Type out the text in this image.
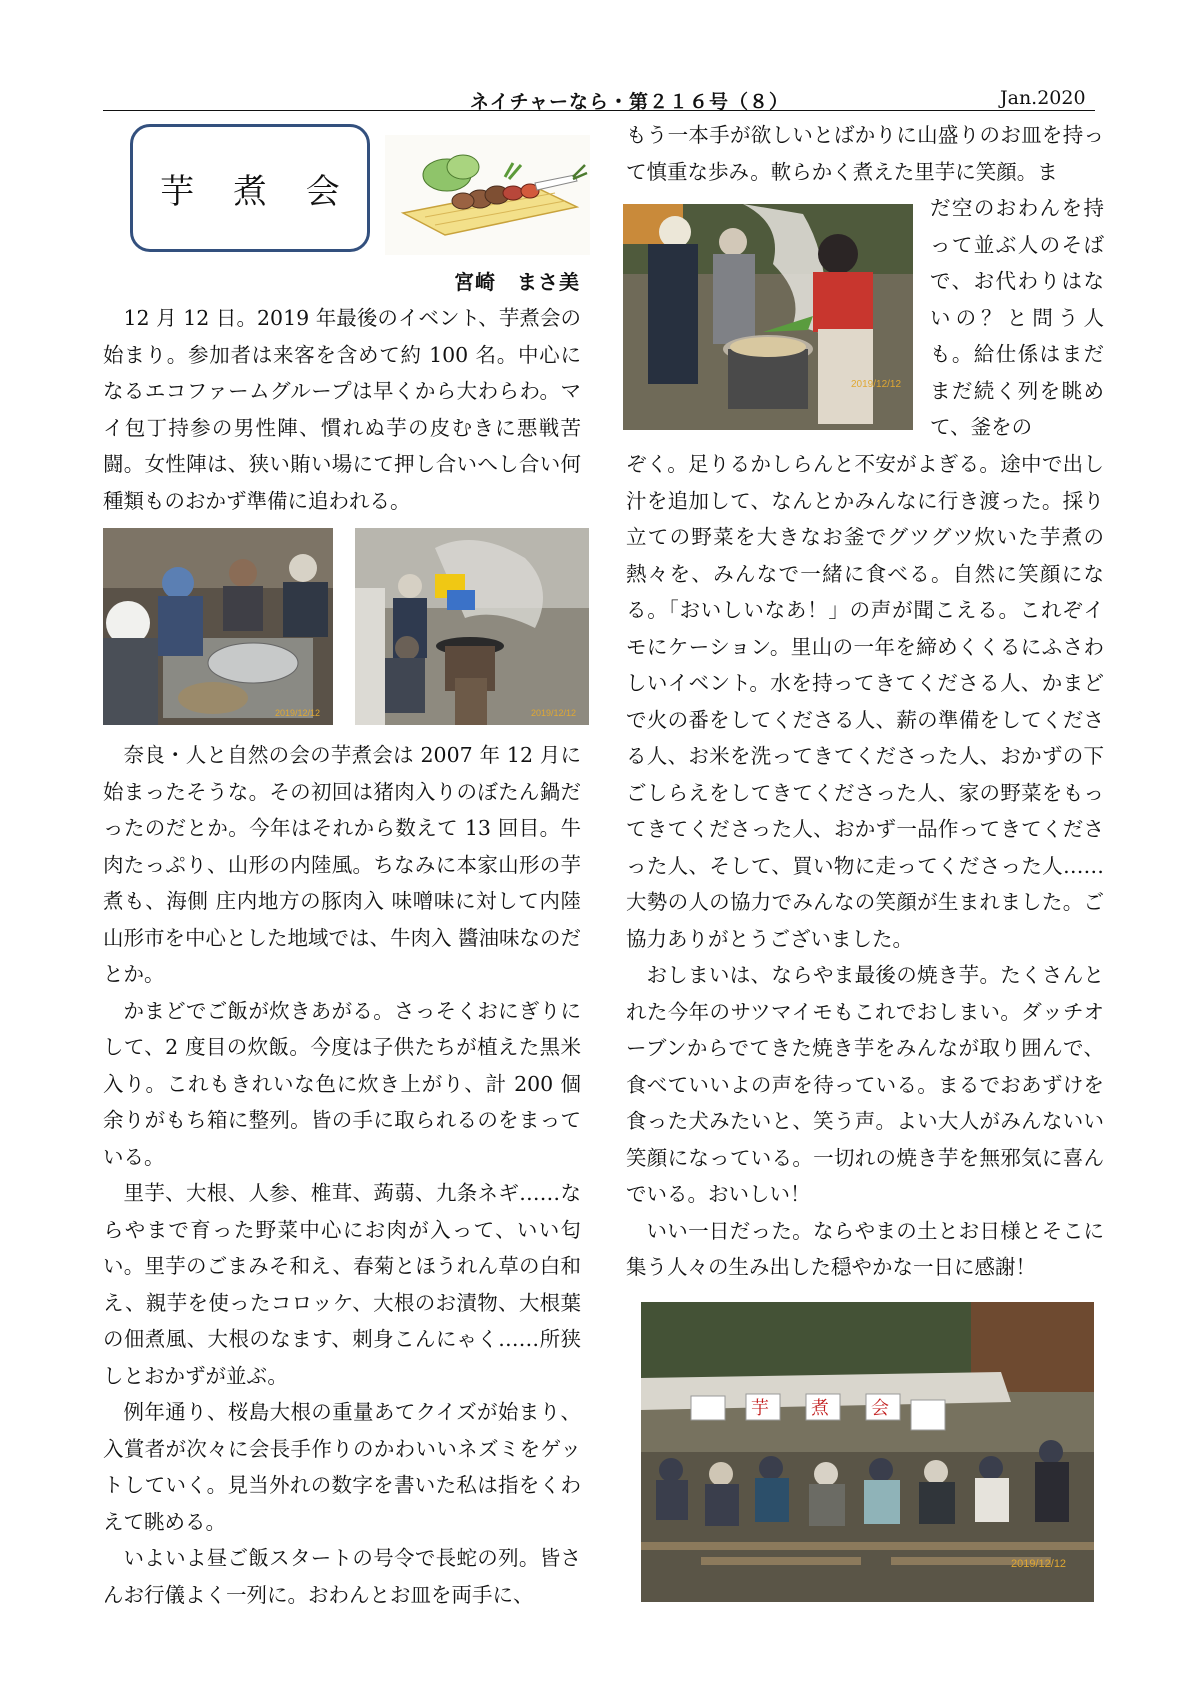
ネイチャーなら・第２１６号（８）	Jan.2020
芋 煮 会
宮崎　まさ美

12 月 12 日。2019 年最後のイベント、芋煮会の始まり。参加者は来客を含めて約 100 名。中心になるエコファームグループは早くから大わらわ。マイ包丁持参の男性陣、慣れぬ芋の皮むきに悪戦苦闘。女性陣は、狭い賄い場にて押し合いへし合い何種類ものおかず準備に追われる。

2019/12/12	2019/12/12

奈良・人と自然の会の芋煮会は 2007 年 12 月に始まったそうな。その初回は猪肉入りのぼたん鍋だったのだとか。今年はそれから数えて 13 回目。牛肉たっぷり、山形の内陸風。ちなみに本家山形の芋煮も、海側 庄内地方の豚肉入 味噌味に対して内陸 山形市を中心とした地域では、牛肉入 醬油味なのだとか。

かまどでご飯が炊きあがる。さっそくおにぎりにして、2 度目の炊飯。今度は子供たちが植えた黒米入り。これもきれいな色に炊き上がり、計 200 個余りがもち箱に整列。皆の手に取られるのをまっている。

里芋、大根、人参、椎茸、蒟蒻、九条ネギ……ならやまで育った野菜中心にお肉が入って、いい匂い。里芋のごまみそ和え、春菊とほうれん草の白和え、親芋を使ったコロッケ、大根のお漬物、大根葉の佃煮風、大根のなます、刺身こんにゃく……所狭しとおかずが並ぶ。

例年通り、桜島大根の重量あてクイズが始まり、入賞者が次々に会長手作りのかわいいネズミをゲットしていく。見当外れの数字を書いた私は指をくわえて眺める。

いよいよ昼ご飯スタートの号令で長蛇の列。皆さんお行儀よく一列に。おわんとお皿を両手に、

もう一本手が欲しいとばかりに山盛りのお皿を持って慎重な歩み。軟らかく煮えた里芋に笑顔。ま

2019/12/12

だ空のおわんを持って並ぶ人のそばで、お代わりはないの？と問う人も。給仕係はまだまだ続く列を眺めて、釜をの

ぞく。足りるかしらんと不安がよぎる。途中で出し汁を追加して、なんとかみんなに行き渡った。採り立ての野菜を大きなお釜でグツグツ炊いた芋煮の熱々を、みんなで一緒に食べる。自然に笑顔になる。「おいしいなあ！」の声が聞こえる。これぞイモにケーション。里山の一年を締めくくるにふさわしいイベント。水を持ってきてくださる人、かまどで火の番をしてくださる人、薪の準備をしてくださる人、お米を洗ってきてくださった人、おかずの下ごしらえをしてきてくださった人、家の野菜をもってきてくださった人、おかず一品作ってきてくださった人、そして、買い物に走ってくださった人……大勢の人の協力でみんなの笑顔が生まれました。ご協力ありがとうございました。

おしまいは、ならやま最後の焼き芋。たくさんとれた今年のサツマイモもこれでおしまい。ダッチオーブンからでてきた焼き芋をみんなが取り囲んで、食べていいよの声を待っている。まるでおあずけを食った犬みたいと、笑う声。よい大人がみんないい笑顔になっている。一切れの焼き芋を無邪気に喜んでいる。おいしい！

いい一日だった。ならやまの土とお日様とそこに集う人々の生み出した穏やかな一日に感謝！

芋 煮 会
2019/12/12
